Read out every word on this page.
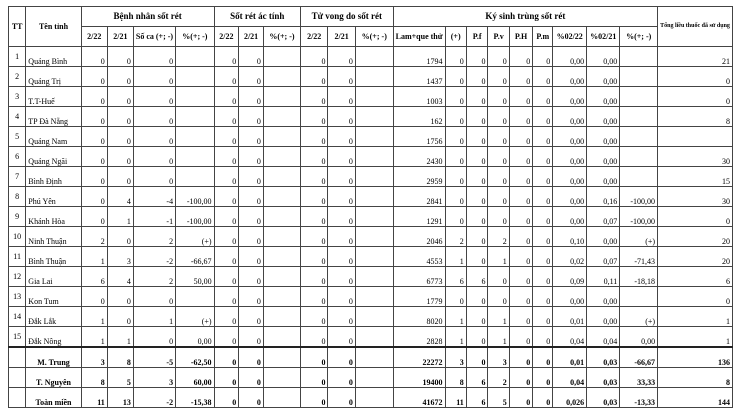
TT	Tên tỉnh	Bệnh nhân sốt rét				Sốt rét ác tính			Tử vong do sốt rét			Ký sinh trùng sốt rét									Tổng liều thuốc đã sử dụng
		2/22	2/21	Số ca (+; -)	%(+; -)	2/22	2/21	%(+; -)	2/22	2/21	%(+; -)	Lam+que thử	(+)	P.f	P.v	P.H	P.m	%02/22	%02/21	%(+; -)	
1	Quảng Bình	0	0	0		0	0		0	0		1794	0	0	0	0	0	0,00	0,00		21
2	Quảng Trị	0	0	0		0	0		0	0		1437	0	0	0	0	0	0,00	0,00		0
3	T.T-Huế	0	0	0		0	0		0	0		1003	0	0	0	0	0	0,00	0,00		0
4	TP Đà Nẵng	0	0	0		0	0		0	0		162	0	0	0	0	0	0,00	0,00		8
5	Quảng Nam	0	0	0		0	0		0	0		1756	0	0	0	0	0	0,00	0,00		
6	Quảng Ngãi	0	0	0		0	0		0	0		2430	0	0	0	0	0	0,00	0,00		30
7	Bình Định	0	0	0		0	0		0	0		2959	0	0	0	0	0	0,00	0,00		15
8	Phú Yên	0	4	-4	-100,00	0	0		0	0		2841	0	0	0	0	0	0,00	0,16	-100,00	30
9	Khánh Hòa	0	1	-1	-100,00	0	0		0	0		1291	0	0	0	0	0	0,00	0,07	-100,00	0
10	Ninh Thuận	2	0	2	(+)	0	0		0	0		2046	2	0	2	0	0	0,10	0,00	(+)	20
11	Bình Thuận	1	3	-2	-66,67	0	0		0	0		4553	1	0	1	0	0	0,02	0,07	-71,43	20
12	Gia Lai	6	4	2	50,00	0	0		0	0		6773	6	6	0	0	0	0,09	0,11	-18,18	6
13	Kon Tum	0	0	0		0	0		0	0		1779	0	0	0	0	0	0,00	0,00		0
14	Đắk Lắk	1	0	1	(+)	0	0		0	0		8020	1	0	1	0	0	0,01	0,00	(+)	1
15	Đắk Nông	1	1	0	0,00	0	0		0	0		2828	1	0	1	0	0	0,04	0,04	0,00	1
	M. Trung	3	8	-5	-62,50	0	0		0	0		22272	3	0	3	0	0	0,01	0,03	-66,67	136
	T. Nguyên	8	5	3	60,00	0	0		0	0		19400	8	6	2	0	0	0,04	0,03	33,33	8
	Toàn miền	11	13	-2	-15,38	0	0		0	0		41672	11	6	5	0	0	0,026	0,03	-13,33	144
